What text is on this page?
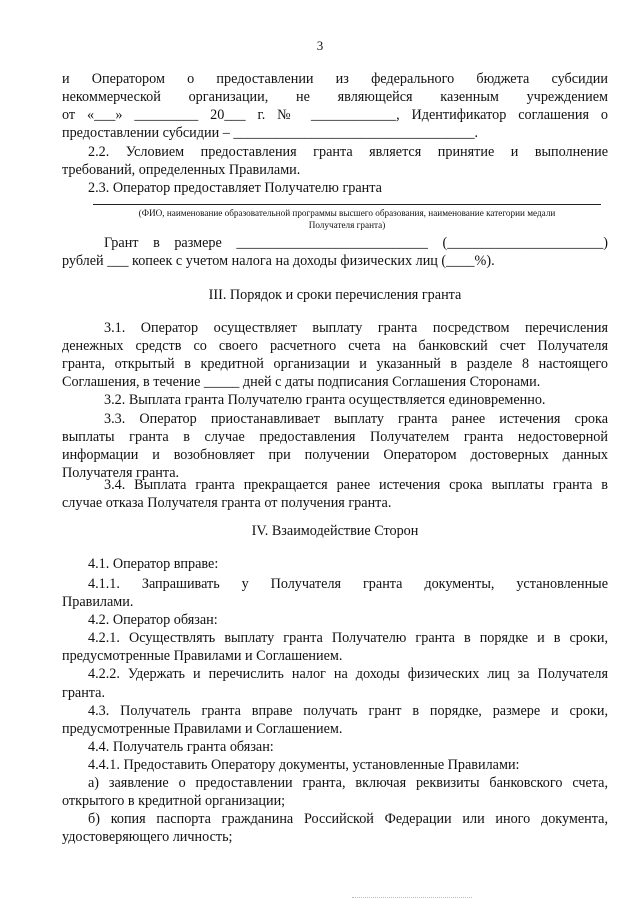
3
и Оператором о предоставлении из федерального бюджета субсидии
некоммерческой организации, не являющейся казенным учреждением
от «___» _________ 20___ г. № ____________, Идентификатор соглашения о
предоставлении субсидии – __________________________________.
2.2. Условием предоставления гранта является принятие и выполнение
требований, определенных Правилами.
2.3. Оператор предоставляет Получателю гранта
(ФИО, наименование образовательной программы высшего образования, наименование категории медали
Получателя гранта)
Грант в размере ___________________________ (______________________)
рублей ___ копеек с учетом налога на доходы физических лиц (____%).
III. Порядок и сроки перечисления гранта
3.1. Оператор осуществляет выплату гранта посредством перечисления
денежных средств со своего расчетного счета на банковский счет Получателя
гранта, открытый в кредитной организации и указанный в разделе 8 настоящего
Соглашения, в течение _____ дней с даты подписания Соглашения Сторонами.
3.2. Выплата гранта Получателю гранта осуществляется единовременно.
3.3. Оператор приостанавливает выплату гранта ранее истечения срока
выплаты гранта в случае предоставления Получателем гранта недостоверной
информации и возобновляет при получении Оператором достоверных данных
Получателя гранта.
3.4. Выплата гранта прекращается ранее истечения срока выплаты гранта в
случае отказа Получателя гранта от получения гранта.
IV. Взаимодействие Сторон
4.1. Оператор вправе:
4.1.1. Запрашивать у Получателя гранта документы, установленные
Правилами.
4.2. Оператор обязан:
4.2.1. Осуществлять выплату гранта Получателю гранта в порядке и в сроки,
предусмотренные Правилами и Соглашением.
4.2.2. Удержать и перечислить налог на доходы физических лиц за Получателя
гранта.
4.3. Получатель гранта вправе получать грант в порядке, размере и сроки,
предусмотренные Правилами и Соглашением.
4.4. Получатель гранта обязан:
4.4.1. Предоставить Оператору документы, установленные Правилами:
а) заявление о предоставлении гранта, включая реквизиты банковского счета,
открытого в кредитной организации;
б) копия паспорта гражданина Российской Федерации или иного документа,
удостоверяющего личность;
